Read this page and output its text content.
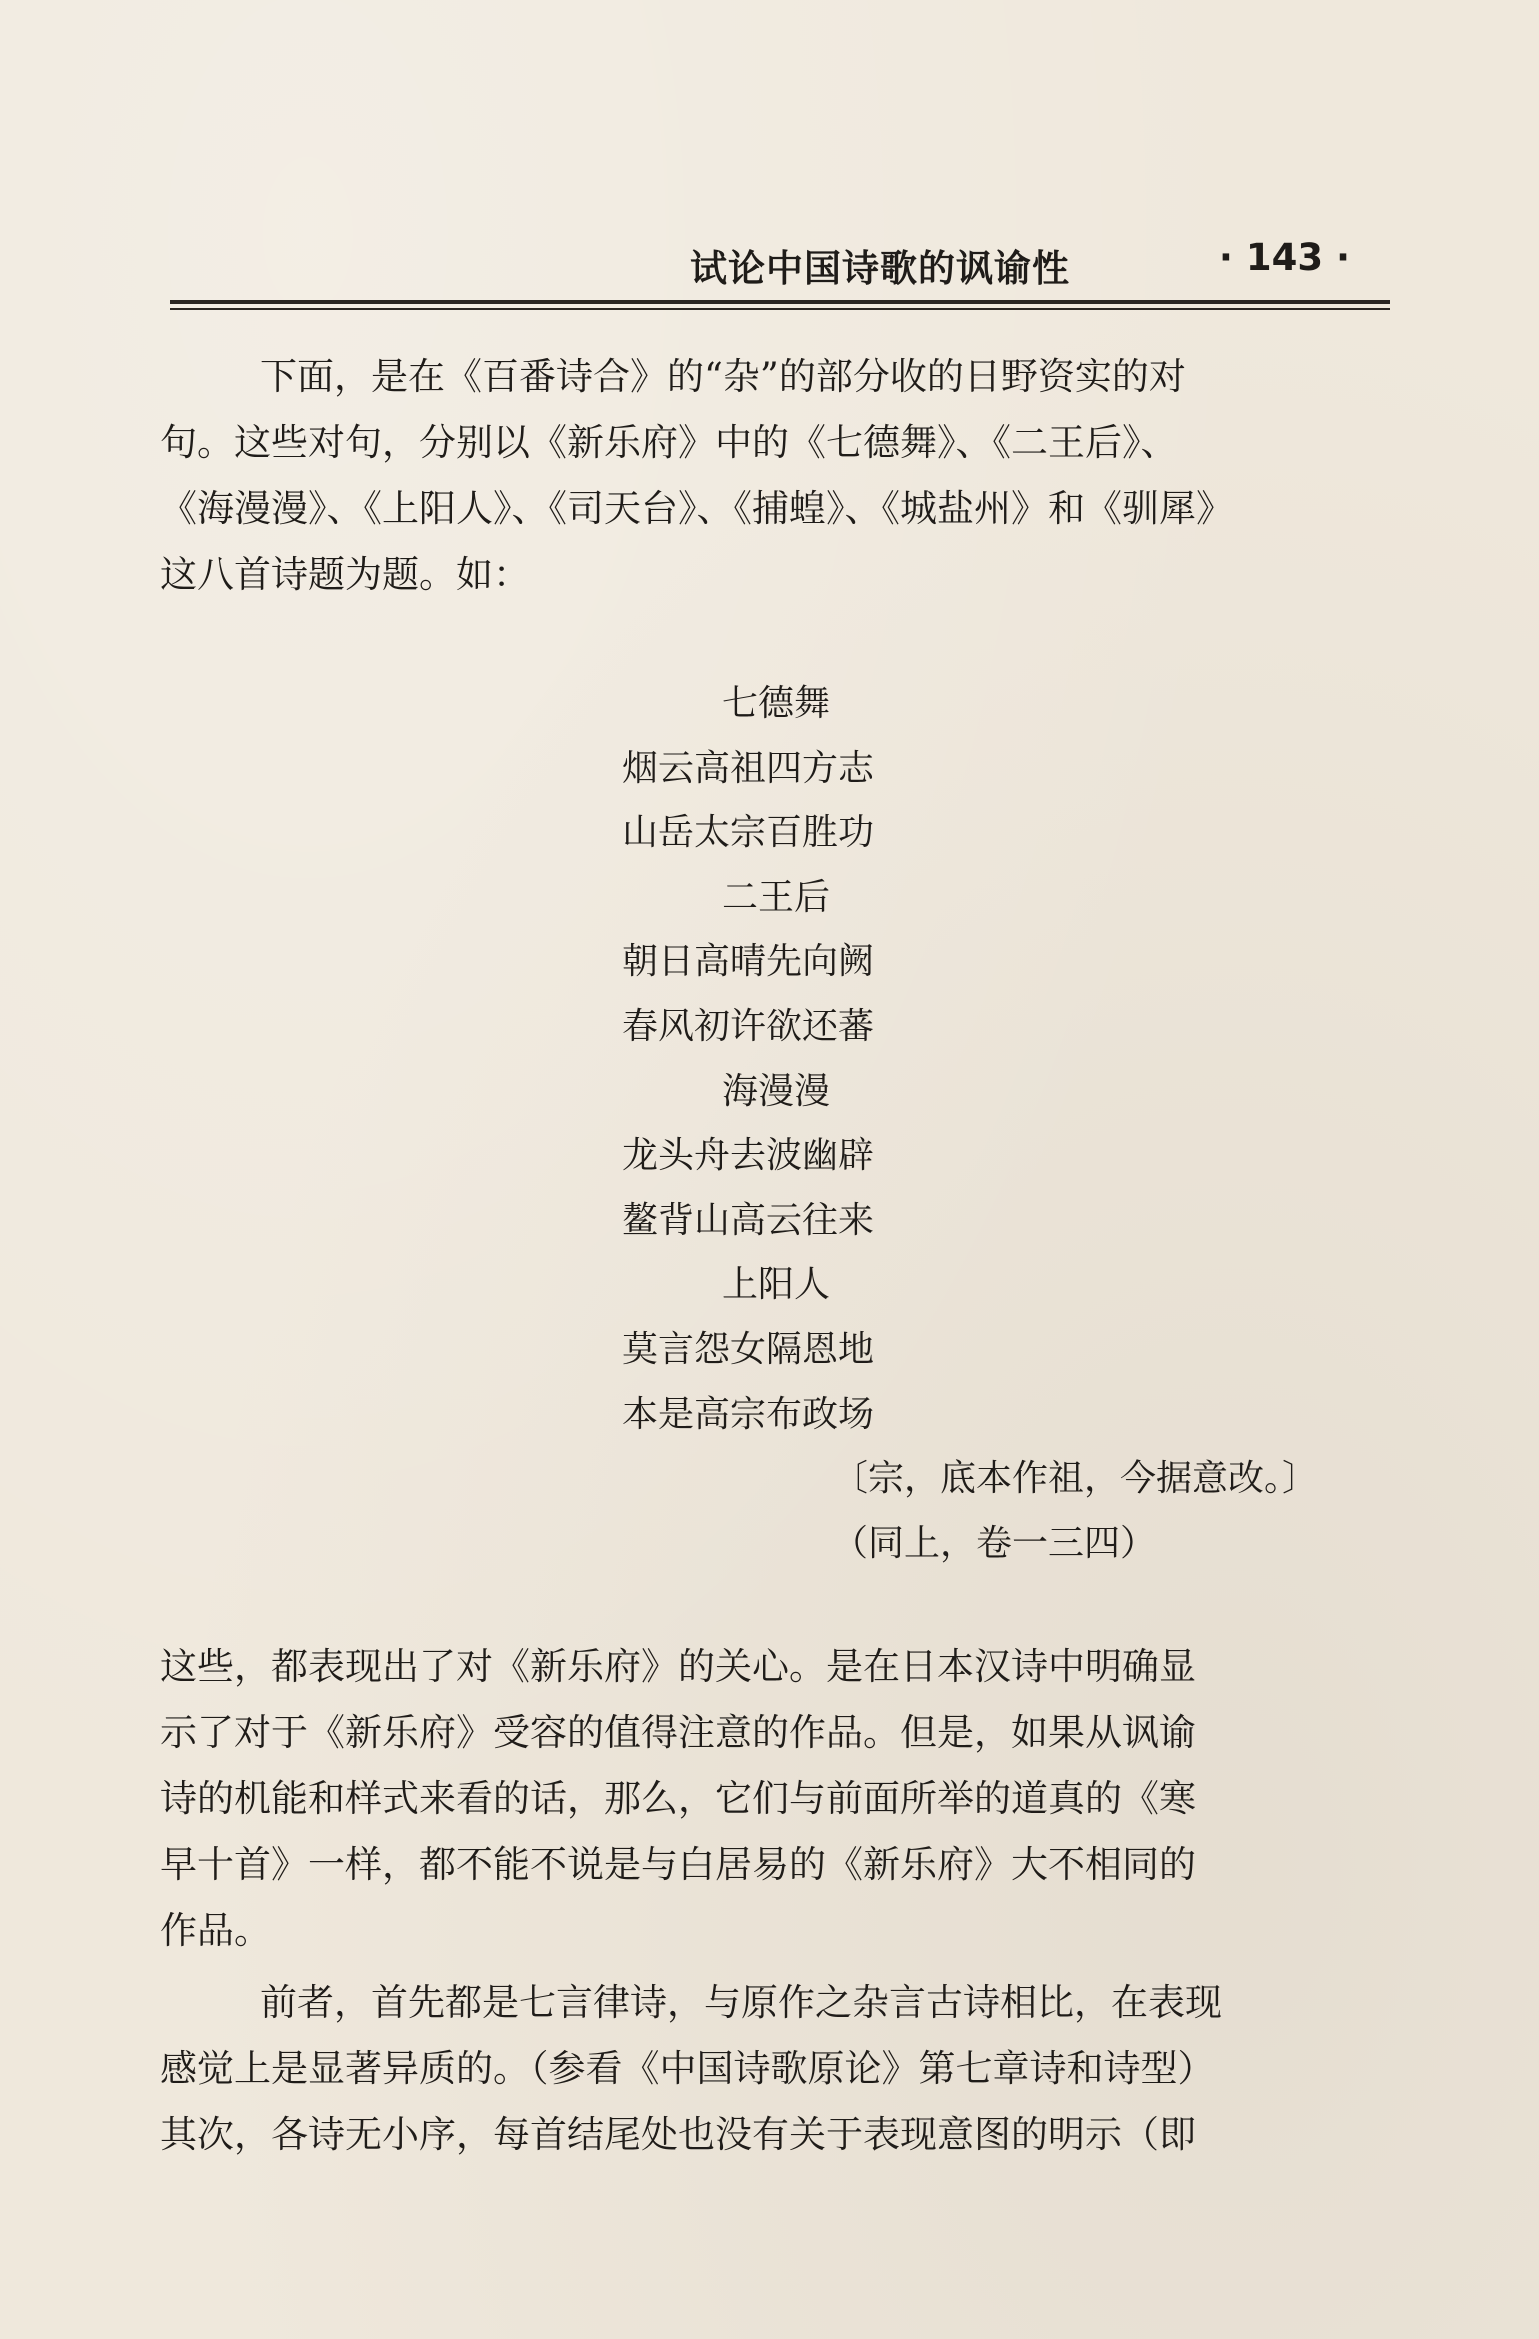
试论中国诗歌的讽谕性	· 143 ·
下面，是在《百番诗合》的“杂”的部分收的日野资实的对
句。这些对句，分别以《新乐府》中的《七德舞》、《二王后》、
《海漫漫》、《上阳人》、《司天台》、《捕蝗》、《城盐州》和《驯犀》
这八首诗题为题。如：
七德舞
烟云高祖四方志
山岳太宗百胜功
二王后
朝日高晴先向阙
春风初许欲还蕃
海漫漫
龙头舟去波幽辟
鳌背山高云往来
上阳人
莫言怨女隔恩地
本是高宗布政场
〔宗，底本作祖，今据意改。〕
（同上，卷一三四）
这些，都表现出了对《新乐府》的关心。是在日本汉诗中明确显
示了对于《新乐府》受容的值得注意的作品。但是，如果从讽谕
诗的机能和样式来看的话，那么，它们与前面所举的道真的《寒
早十首》一样，都不能不说是与白居易的《新乐府》大不相同的
作品。
前者，首先都是七言律诗，与原作之杂言古诗相比，在表现
感觉上是显著异质的。（参看《中国诗歌原论》第七章诗和诗型）
其次，各诗无小序，每首结尾处也没有关于表现意图的明示（即
